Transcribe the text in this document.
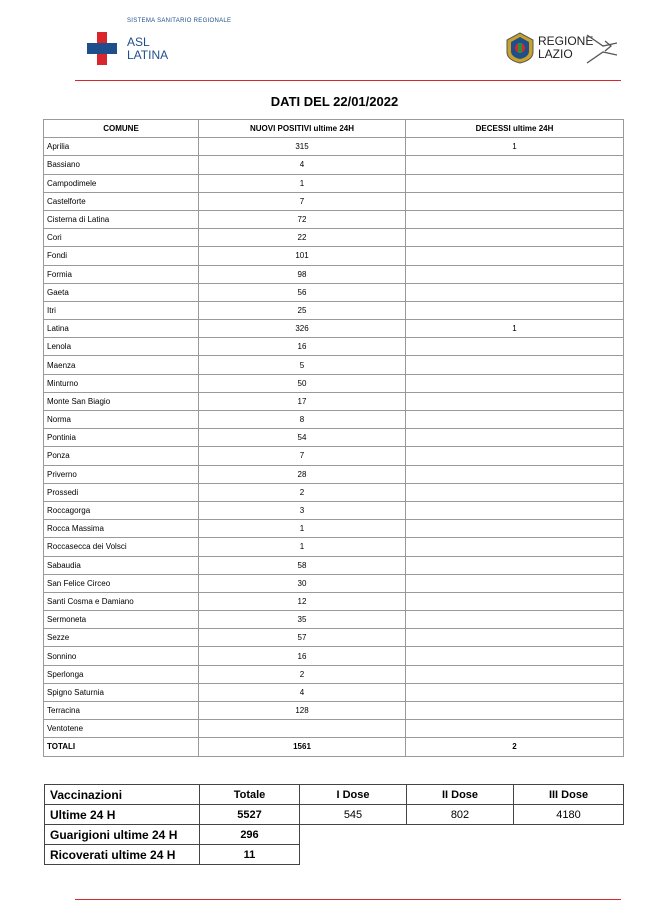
SISTEMA SANITARIO REGIONALE
ASL
LATINA
REGIONE
LAZIO
DATI DEL 22/01/2022
COMUNE	NUOVI POSITIVI ultime 24H	DECESSI ultime 24H
Aprilia	315	1
Bassiano	4	
Campodimele	1	
Castelforte	7	
Cisterna di Latina	72	
Cori	22	
Fondi	101	
Formia	98	
Gaeta	56	
Itri	25	
Latina	326	1
Lenola	16	
Maenza	5	
Minturno	50	
Monte San Biagio	17	
Norma	8	
Pontinia	54	
Ponza	7	
Priverno	28	
Prossedi	2	
Roccagorga	3	
Rocca Massima	1	
Roccasecca dei Volsci	1	
Sabaudia	58	
San Felice Circeo	30	
Santi Cosma e Damiano	12	
Sermoneta	35	
Sezze	57	
Sonnino	16	
Sperlonga	2	
Spigno Saturnia	4	
Terracina	128	
Ventotene		
TOTALI	1561	2
Vaccinazioni	Totale	I Dose	II Dose	III Dose
Ultime 24 H	5527	545	802	4180
Guarigioni ultime 24 H	296			
Ricoverati ultime 24 H	11			
